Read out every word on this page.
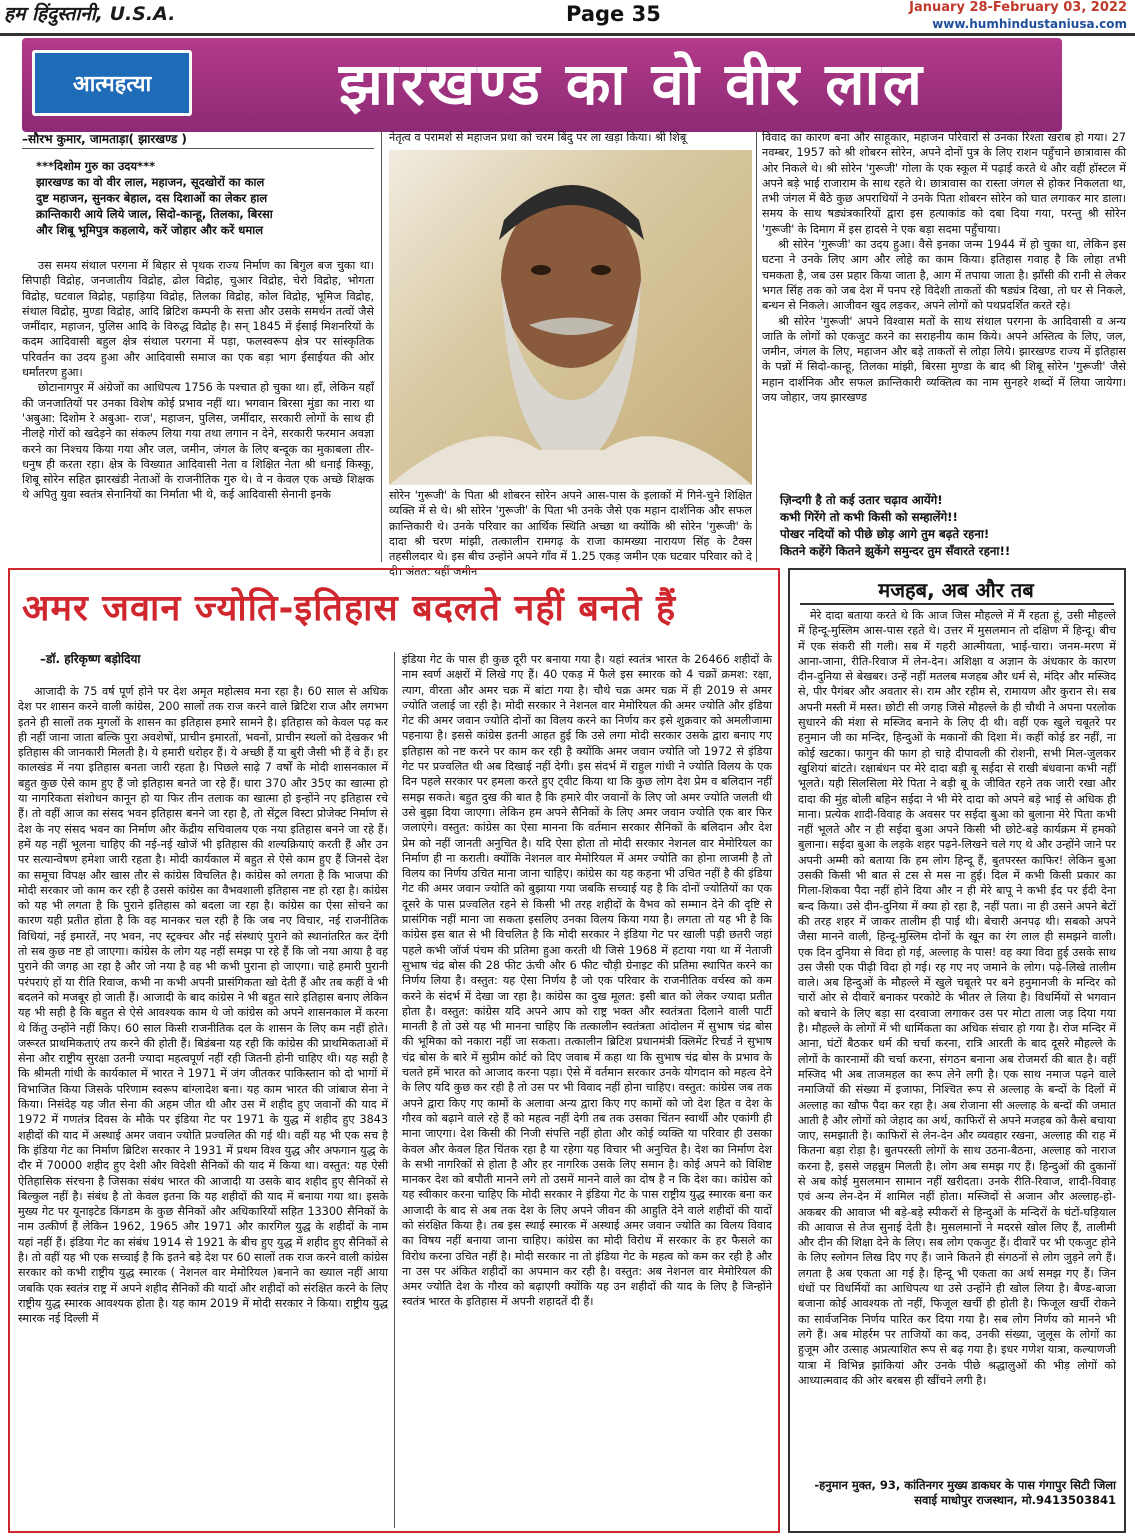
हम हिंदुस्तानी, U.S.A.	Page 35	January 28-February 03, 2022
www.humhindustaniusa.com
आत्महत्या	झारखण्ड का वो वीर लाल
–सौरभ कुमार, जामताड़ा( झारखण्ड )
***दिशोम गुरु का उदय***
झारखण्ड का वो वीर लाल, महाजन, सूदखोरों का काल
दुष्ट महाजन, सुनकर बेहाल, दस दिशाओं का लेकर हाल
क्रान्तिकारी आये लिये जाल, सिदो-कान्हू, तिलका, बिरसा
और शिबू भूमिपुत्र कहलाये, करें जोहार और करें धमाल

उस समय संथाल परगना में बिहार से पृथक राज्य निर्माण का बिगुल बज चुका था। सिपाही विद्रोह, जनजातीय विद्रोह, ढोल विद्रोह, चुआर विद्रोह, चेरो विद्रोह, भोगता विद्रोह, घटवाल विद्रोह, पहाड़िया विद्रोह, तिलका विद्रोह, कोल विद्रोह, भूमिज विद्रोह, संथाल विद्रोह, मुण्डा विद्रोह, आदि ब्रिटिश कम्पनी के सत्ता और उसके समर्थन तत्वों जैसे जमींदार, महाजन, पुलिस आदि के विरुद्ध विद्रोह है। सन् 1845 में ईसाई मिशनरियों के कदम आदिवासी बहुल क्षेत्र संथाल परगना में पड़ा, फलस्वरूप क्षेत्र पर सांस्कृतिक परिवर्तन का उदय हुआ और आदिवासी समाज का एक बड़ा भाग ईसाईयत की ओर धर्मांतरण हुआ।

छोटानागपुर में अंग्रेजों का आधिपत्य 1756 के पश्चात हो चुका था। हाँ, लेकिन यहाँ की जनजातियों पर उनका विशेष कोई प्रभाव नहीं था। भगवान बिरसा मुंडा का नारा था 'अबुआ: दिशोम रे अबुआ- राज', महाजन, पुलिस, जमींदार, सरकारी लोगों के साथ ही नीलहे गोरों को खदेड़ने का संकल्प लिया गया तथा लगान न देने, सरकारी फरमान अवज्ञा करने का निश्चय किया गया और जल, जमीन, जंगल के लिए बन्दूक का मुकाबला तीर- धनुष ही करता रहा। क्षेत्र के विख्यात आदिवासी नेता व शिक्षित नेता श्री धनाई किस्कू, शिबू सोरेन सहित झारखंडी नेताओं के राजनीतिक गुरु थे। वे न केवल एक अच्छे शिक्षक थे अपितु युवा स्वतंत्र सेनानियों का निर्माता भी थे, कई आदिवासी सेनानी इनके

नेतृत्व व परामर्श से महाजन प्रथा को चरम बिंदु पर ला खड़ा किया। श्री शिबू

सोरेन 'गुरूजी' के पिता श्री शोबरन सोरेन अपने आस-पास के इलाकों में गिने-चुने शिक्षित व्यक्ति में से थे। श्री सोरेन 'गुरूजी' के पिता भी उनके जैसे एक महान दार्शनिक और सफल क्रान्तिकारी थे। उनके परिवार का आर्थिक स्थिति अच्छा था क्योंकि श्री सोरेन 'गुरूजी' के दादा श्री चरण मांझी, तत्कालीन रामगढ़ के राजा कामख्या नारायण सिंह के टैक्स तहसीलदार थे। इस बीच उन्होंने अपने गाँव में 1.25 एकड़ जमीन एक घटवार परिवार को दे दी। अंतत: यहीं जमीन

विवाद का कारण बना और साहूकार, महाजन परिवारों से उनका रिश्ता खराब हो गया। 27 नवम्बर, 1957 को श्री शोबरन सोरेन, अपने दोनों पुत्र के लिए राशन पहुँचाने छात्रावास की ओर निकले थे। श्री सोरेन 'गुरूजी' गोला के एक स्कूल में पढ़ाई करते थे और वहीं हॉस्टल में अपने बड़े भाई राजाराम के साथ रहते थे। छात्रावास का रास्ता जंगल से होकर निकलता था, तभी जंगल में बैठे कुछ अपराधियों ने उनके पिता शोबरन सोरेन को घात लगाकर मार डाला। समय के साथ षड्यंत्रकारियों द्वारा इस हत्याकांड को दबा दिया गया, परन्तु श्री सोरेन 'गुरूजी' के दिमाग में इस हादसे ने एक बड़ा सदमा पहुँचाया।

श्री सोरेन 'गुरूजी' का उदय हुआ। वैसे इनका जन्म 1944 में हो चुका था, लेकिन इस घटना ने उनके लिए आग और लोहे का काम किया। इतिहास गवाह है कि लोहा तभी चमकता है, जब उस प्रहार किया जाता है, आग में तपाया जाता है। झाँसी की रानी से लेकर भगत सिंह तक को जब देश में पनप रहे विदेशी ताकतों की षड्यंत्र दिखा, तो घर से निकले, बन्धन से निकले। आजीवन खुद लड़कर, अपने लोगों को पथप्रदर्शित करते रहे।

श्री सोरेन 'गुरूजी' अपने विश्वास मतों के साथ संथाल परगना के आदिवासी व अन्य जाति के लोगों को एकजुट करने का सराहनीय काम किये। अपने अस्तित्व के लिए, जल, जमीन, जंगल के लिए, महाजन और बड़े ताकतों से लोहा लिये। झारखण्ड राज्य में इतिहास के पन्नों में सिदो-कान्हू, तिलका मांझी, बिरसा मुण्डा के बाद श्री शिबू सोरेन 'गुरूजी' जैसे महान दार्शनिक और सफल क्रान्तिकारी व्यक्तित्व का नाम सुनहरे शब्दों में लिया जायेगा। जय जोहार, जय झारखण्ड

ज़िन्दगी है तो कई उतार चढ़ाव आयेंगे!
कभी गिरेंगे तो कभी किसी को सम्हालेंगे!!
पोखर नदियों को पीछे छोड़ आगे तुम बढ़ते रहना!
कितने कहेंगे कितने झुकेंगे समुन्दर तुम सँवारते रहना!!
अमर जवान ज्योति-इतिहास बदलते नहीं बनते हैं
–डॉ. हरिकृष्ण बड़ोदिया

आजादी के 75 वर्ष पूर्ण होने पर देश अमृत महोत्सव मना रहा है। 60 साल से अधिक देश पर शासन करने वाली कांग्रेस, 200 सालों तक राज करने वाले ब्रिटिश राज और लगभग इतने ही सालों तक मुगलों के शासन का इतिहास हमारे सामने है। इतिहास को केवल पढ़ कर ही नहीं जाना जाता बल्कि पुरा अवशेषों, प्राचीन इमारतों, भवनों, प्राचीन स्थलों को देखकर भी इतिहास की जानकारी मिलती है। ये हमारी धरोहर हैं। ये अच्छी हैं या बुरी जैसी भी हैं वे हैं। हर कालखंड में नया इतिहास बनता जारी रहता है। पिछले साढ़े 7 वर्षों के मोदी शासनकाल में बहुत कुछ ऐसे काम हुए हैं जो इतिहास बनते जा रहे हैं। धारा 370 और 35ए का खात्मा हो या नागरिकता संशोधन कानून हो या फिर तीन तलाक का खात्मा हो इन्होंने नए इतिहास रचे हैं। तो वहीं आज का संसद भवन इतिहास बनने जा रहा है, तो सेंट्रल विस्टा प्रोजेक्ट निर्माण से देश के नए संसद भवन का निर्माण और केंद्रीय सचिवालय एक नया इतिहास बनने जा रहे हैं। हमें यह नहीं भूलना चाहिए की नई-नई खोजें भी इतिहास की शल्यक्रियाएं करती हैं और उन पर सत्यान्वेषण हमेशा जारी रहता है। मोदी कार्यकाल में बहुत से ऐसे काम हुए हैं जिनसे देश का समूचा विपक्ष और खास तौर से कांग्रेस विचलित है। कांग्रेस को लगता है कि भाजपा की मोदी सरकार जो काम कर रही है उससे कांग्रेस का वैभवशाली इतिहास नष्ट हो रहा है। कांग्रेस को यह भी लगता है कि पुराने इतिहास को बदला जा रहा है। कांग्रेस का ऐसा सोचने का कारण यही प्रतीत होता है कि वह मानकर चल रही है कि जब नए विचार, नई राजनीतिक विधियां, नई इमारतें, नए भवन, नए स्ट्रक्चर और नई संस्थाएं पुराने को स्थानांतरित कर देंगी तो सब कुछ नष्ट हो जाएगा। कांग्रेस के लोग यह नहीं समझ पा रहे हैं कि जो नया आया है वह पुराने की जगह आ रहा है और जो नया है वह भी कभी पुराना हो जाएगा। चाहे हमारी पुरानी परंपराएं हों या रीति रिवाज, कभी ना कभी अपनी प्रासंगिकता खो देती हैं और तब कहीं वे भी बदलने को मजबूर हो जाती हैं। आजादी के बाद कांग्रेस ने भी बहुत सारे इतिहास बनाए लेकिन यह भी सही है कि बहुत से ऐसे आवश्यक काम थे जो कांग्रेस को अपने शासनकाल में करना थे किंतु उन्होंने नहीं किए। 60 साल किसी राजनीतिक दल के शासन के लिए कम नहीं होते। जरूरत प्राथमिकताएं तय करने की होती हैं। बिडंबना यह रही कि कांग्रेस की प्राथमिकताओं में सेना और राष्ट्रीय सुरक्षा उतनी ज्यादा महत्वपूर्ण नहीं रही जितनी होनी चाहिए थी। यह सही है कि श्रीमती गांधी के कार्यकाल में भारत ने 1971 में जंग जीतकर पाकिस्तान को दो भागों में विभाजित किया जिसके परिणाम स्वरूप बांग्लादेश बना। यह काम भारत की जांबाज सेना ने किया। निसंदेह यह जीत सेना की अहम जीत थी और उस में शहीद हुए जवानों की याद में 1972 में गणतंत्र दिवस के मौके पर इंडिया गेट पर 1971 के युद्ध में शहीद हुए 3843 शहीदों की याद में अस्थाई अमर जवान ज्योति प्रज्वलित की गई थी। वहीं यह भी एक सच है कि इंडिया गेट का निर्माण ब्रिटिश सरकार ने 1931 में प्रथम विश्व युद्ध और अफगान युद्ध के दौर में 70000 शहीद हुए देशी और विदेशी सैनिकों की याद में किया था। वस्तुत: यह ऐसी ऐतिहासिक संरचना है जिसका संबंध भारत की आजादी या उसके बाद शहीद हुए सैनिकों से बिल्कुल नहीं है। संबंध है तो केवल इतना कि यह शहीदों की याद में बनाया गया था। इसके मुख्य गेट पर यूनाइटेड किंगडम के कुछ सैनिकों और अधिकारियों सहित 13300 सैनिकों के नाम उत्कीर्ण हैं लेकिन 1962, 1965 और 1971 और कारगिल युद्ध के शहीदों के नाम यहां नहीं हैं। इंडिया गेट का संबंध 1914 से 1921 के बीच हुए युद्ध में शहीद हुए सैनिकों से है। तो वहीं यह भी एक सच्चाई है कि इतने बड़े देश पर 60 सालों तक राज करने वाली कांग्रेस सरकार को कभी राष्ट्रीय युद्ध स्मारक ( नेशनल वार मेमोरियल )बनाने का ख्याल नहीं आया जबकि एक स्वतंत्र राष्ट्र में अपने शहीद सैनिकों की यादों और शहीदों को संरक्षित करने के लिए राष्ट्रीय युद्ध स्मारक आवश्यक होता है। यह काम 2019 में मोदी सरकार ने किया। राष्ट्रीय युद्ध स्मारक नई दिल्ली में

इंडिया गेट के पास ही कुछ दूरी पर बनाया गया है। यहां स्वतंत्र भारत के 26466 शहीदों के नाम स्वर्ण अक्षरों में लिखे गए हैं। 40 एकड़ में फैले इस स्मारक को 4 चक्रों क्रमश: रक्षा, त्याग, वीरता और अमर चक्र में बांटा गया है। चौथे चक्र अमर चक्र में ही 2019 से अमर ज्योति जलाई जा रही है। मोदी सरकार ने नेशनल वार मेमोरियल की अमर ज्योति और इंडिया गेट की अमर जवान ज्योति दोनों का विलय करने का निर्णय कर इसे शुक्रवार को अमलीजामा पहनाया है। इससे कांग्रेस इतनी आहत हुई कि उसे लगा मोदी सरकार उसके द्वारा बनाए गए इतिहास को नष्ट करने पर काम कर रही है क्योंकि अमर जवान ज्योति जो 1972 से इंडिया गेट पर प्रज्वलित थी अब दिखाई नहीं देगी। इस संदर्भ में राहुल गांधी ने ज्योति विलय के एक दिन पहले सरकार पर हमला करते हुए ट्वीट किया था कि कुछ लोग देश प्रेम व बलिदान नहीं समझ सकते। बहुत दुख की बात है कि हमारे वीर जवानों के लिए जो अमर ज्योति जलती थी उसे बुझा दिया जाएगा। लेकिन हम अपने सैनिकों के लिए अमर जवान ज्योति एक बार फिर जलाएंगे। वस्तुत: कांग्रेस का ऐसा मानना कि वर्तमान सरकार सैनिकों के बलिदान और देश प्रेम को नहीं जानती अनुचित है। यदि ऐसा होता तो मोदी सरकार नेशनल वार मेमोरियल का निर्माण ही ना कराती। क्योंकि नेशनल वार मेमोरियल में अमर ज्योति का होना लाजमी है तो विलय का निर्णय उचित माना जाना चाहिए। कांग्रेस का यह कहना भी उचित नहीं है की इंडिया गेट की अमर जवान ज्योति को बुझाया गया जबकि सच्चाई यह है कि दोनों ज्योतियों का एक दूसरे के पास प्रज्वलित रहने से किसी भी तरह शहीदों के वैभव को सम्मान देने की दृष्टि से प्रासंगिक नहीं माना जा सकता इसलिए उनका विलय किया गया है। लगता तो यह भी है कि कांग्रेस इस बात से भी विचलित है कि मोदी सरकार ने इंडिया गेट पर खाली पड़ी छतरी जहां पहले कभी जॉर्ज पंचम की प्रतिमा हुआ करती थी जिसे 1968 में हटाया गया था में नेताजी सुभाष चंद्र बोस की 28 फीट ऊंची और 6 फीट चौड़ी ग्रेनाइट की प्रतिमा स्थापित करने का निर्णय लिया है। वस्तुत: यह ऐसा निर्णय है जो एक परिवार के राजनीतिक वर्चस्व को कम करने के संदर्भ में देखा जा रहा है। कांग्रेस का दुख मूलत: इसी बात को लेकर ज्यादा प्रतीत होता है। वस्तुत: कांग्रेस यदि अपने आप को राष्ट्र भक्त और स्वतंत्रता दिलाने वाली पार्टी मानती है तो उसे यह भी मानना चाहिए कि तत्कालीन स्वतंत्रता आंदोलन में सुभाष चंद्र बोस की भूमिका को नकारा नहीं जा सकता। तत्कालीन ब्रिटिश प्रधानमंत्री क्लिमेंट रिचर्ड ने सुभाष चंद्र बोस के बारे में सुप्रीम कोर्ट को दिए जवाब में कहा था कि सुभाष चंद्र बोस के प्रभाव के चलते हमें भारत को आजाद करना पड़ा। ऐसे में वर्तमान सरकार उनके योगदान को महत्व देने के लिए यदि कुछ कर रही है तो उस पर भी विवाद नहीं होना चाहिए। वस्तुत: कांग्रेस जब तक अपने द्वारा किए गए कामों के अलावा अन्य द्वारा किए गए कामों को जो देश हित व देश के गौरव को बढ़ाने वाले रहे हैं को महत्व नहीं देगी तब तक उसका चिंतन स्वार्थी और एकांगी ही माना जाएगा। देश किसी की निजी संपत्ति नहीं होता और कोई व्यक्ति या परिवार ही उसका केवल और केवल हित चिंतक रहा है या रहेगा यह विचार भी अनुचित है। देश का निर्माण देश के सभी नागरिकों से होता है और हर नागरिक उसके लिए समान है। कोई अपने को विशिष्ट मानकर देश को बपौती मानने लगे तो उसमें मानने वाले का दोष है न कि देश का। कांग्रेस को यह स्वीकार करना चाहिए कि मोदी सरकार ने इंडिया गेट के पास राष्ट्रीय युद्ध स्मारक बना कर आजादी के बाद से अब तक देश के लिए अपने जीवन की आहुति देने वाले शहीदों की यादों को संरक्षित किया है। तब इस स्थाई स्मारक में अस्थाई अमर जवान ज्योति का विलय विवाद का विषय नहीं बनाया जाना चाहिए। कांग्रेस का मोदी विरोध में सरकार के हर फैसले का विरोध करना उचित नहीं है। मोदी सरकार ना तो इंडिया गेट के महत्व को कम कर रही है और ना उस पर अंकित शहीदों का अपमान कर रही है। वस्तुत: अब नेशनल वार मेमोरियल की अमर ज्योति देश के गौरव को बढ़ाएगी क्योंकि यह उन शहीदों की याद के लिए है जिन्होंने स्वतंत्र भारत के इतिहास में अपनी शहादतें दी हैं।

मजहब, अब और तब

मेरे दादा बताया करते थे कि आज जिस मौहल्ले में मैं रहता हूं, उसी मौहल्ले में हिन्दू-मुस्लिम आस-पास रहते थे। उत्तर में मुसलमान तो दक्षिण में हिन्दू। बीच में एक संकरी सी गली। सब में गहरी आत्मीयता, भाई-चारा। जनम-मरण में आना-जाना, रीति-रिवाज में लेन-देन। अशिक्षा व अज्ञान के अंधकार के कारण दीन-दुनिया से बेखबर। उन्हें नहीं मतलब मजहब और धर्म से, मंदिर और मस्जिद से, पीर पैगंबर और अवतार से। राम और रहीम से, रामायण और कुरान से। सब अपनी मस्ती में मस्त। छोटी सी जगह जिसे मौहल्ले के ही चौथी ने अपना परलोक सुधारने की मंशा से मस्जिद बनाने के लिए दी थी। वहीं एक खुले चबूतरे पर हनुमान जी का मन्दिर, हिन्दुओं के मकानों की दिशा में। कहीं कोई डर नहीं, ना कोई खटका। फागुन की फाग हो चाहे दीपावली की रोशनी, सभी मिल-जुलकर खुशियां बांटते। रक्षाबंधन पर मेरे दादा बड़ी बू सईदा से राखी बंधवाना कभी नहीं भूलते। यही सिलसिला मेरे पिता ने बड़ी बू के जीवित रहने तक जारी रखा और दादा की मुंह बोली बहिन सईदा ने भी मेरे दादा को अपने बड़े भाई से अधिक ही माना। प्रत्येक शादी-विवाह के अवसर पर सईदा बुआ को बुलाना मेरे पिता कभी नहीं भूलते और न ही सईदा बुआ अपने किसी भी छोटे-बड़े कार्यक्रम में हमको बुलाना। सईदा बुआ के लड़के शहर पढ़ने-लिखने चले गए थे और उन्होंने जाने पर अपनी अम्मी को बताया कि हम लोग हिन्दू हैं, बुतपरस्त काफिर! लेकिन बुआ उसकी किसी भी बात से टस से मस ना हुई। दिल में कभी किसी प्रकार का गिला-शिकवा पैदा नहीं होने दिया और न ही मेरे बापू ने कभी ईद पर ईदी देना बन्द किया। उसे दीन-दुनिया में क्या हो रहा है, नहीं पता। ना ही उसने अपने बेटों की तरह शहर में जाकर तालीम ही पाई थी। बेचारी अनपढ़ थी। सबको अपने जैसा मानने वाली, हिन्दू-मुस्लिम दोनों के खून का रंग लाल ही समझने वाली। एक दिन दुनिया से विदा हो गई, अल्लाह के पास! वह क्या विदा हुई उसके साथ उस जैसी एक पीढ़ी विदा हो गई। रह गए नए जमाने के लोग। पढ़े-लिखे तालीम वाले। अब हिन्दुओं के मौहल्ले में खुले चबूतरे पर बने हनुमानजी के मन्दिर को चारों ओर से दीवारें बनाकर परकोटे के भीतर ले लिया है। विधर्मियों से भगवान को बचाने के लिए बड़ा सा दरवाजा लगाकर उस पर मोटा ताला जड़ दिया गया है। मौहल्ले के लोगों में भी धार्मिकता का अधिक संचार हो गया है। रोज मन्दिर में आना, घंटों बैठकर धर्म की चर्चा करना, रात्रि आरती के बाद दूसरे मौहल्ले के लोगों के कारनामों की चर्चा करना, संगठन बनाना अब रोजमर्रा की बात है। वहीं मस्जिद भी अब ताजमहल का रूप लेने लगी है। एक साथ नमाज पढ़ने वाले नमाजियों की संख्या में इजाफा, निश्चित रूप से अल्लाह के बन्दों के दिलों में अल्लाह का खौफ पैदा कर रहा है। अब रोजाना सी अल्लाह के बन्दों की जमात आती है और लोगों को जेहाद का अर्थ, काफिरों से अपने मजहब को कैसे बचाया जाए, समझाती है। काफिरों से लेन-देन और व्यवहार रखना, अल्लाह की राह में कितना बड़ा रोड़ा है। बुतपरस्ती लोगों के साथ उठना-बैठना, अल्लाह को नाराज करना है, इससे जहन्नुम मिलती है। लोग अब समझ गए हैं। हिन्दुओं की दुकानों से अब कोई मुसलमान सामान नहीं खरीदता। उनके रीति-रिवाज, शादी-विवाह एवं अन्य लेन-देन में शामिल नहीं होता। मस्जिदों से अजान और अल्लाह-हो-अकबर की आवाज भी बड़े-बड़े स्पीकरों से हिन्दुओं के मन्दिरों के घंटों-घड़ियाल की आवाज से तेज सुनाई देती है। मुसलमानों ने मदरसे खोल लिए हैं, तालीमी और दीन की शिक्षा देने के लिए। सब लोग एकजुट हैं। दीवारें पर भी एकजुट होने के लिए स्लोगन लिख दिए गए हैं। जाने कितने ही संगठनों से लोग जुड़ने लगे हैं। लगता है अब एकता आ गई है। हिन्दू भी एकता का अर्थ समझ गए हैं। जिन धंधों पर विधर्मियों का आधिपत्य था उसे उन्होंने ही खोल लिया है। बैण्ड-बाजा बजाना कोई आवश्यक तो नहीं, फिजूल खर्ची ही होती है। फिजूल खर्ची रोकने का सार्वजनिक निर्णय पारित कर दिया गया है। सब लोग निर्णय को मानने भी लगे हैं। अब मोहर्रम पर ताजियों का कद, उनकी संख्या, जुलूस के लोगों का हुजूम और उत्साह अप्रत्याशित रूप से बढ़ गया है। इधर गणेश यात्रा, कल्याणजी यात्रा में विभिन्न झांकियां और उनके पीछे श्रद्धालुओं की भीड़ लोगों को आध्यात्मवाद की ओर बरबस ही खींचने लगी है।

-हनुमान मुक्त, 93, कांतिनगर मुख्य डाकघर के पास गंगापुर सिटी जिला सवाई माधोपुर राजस्थान, मो.9413503841
